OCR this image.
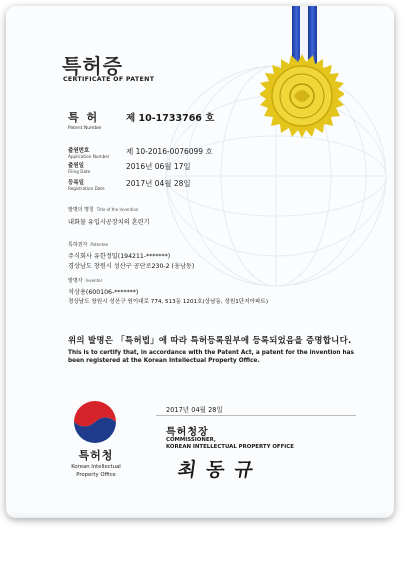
특허증
CERTIFICATE OF PATENT
특 허
Patent Number
제 10-1733766 호
출원번호
Application Number
제 10-2016-0076099 호
출원일
Filing Date
2016년 06월 17일
등록일
Registration Date
2017년 04월 28일
발명의 명칭 Title of the Invention
내화물 유입시공장치의 혼련기
특허권자 Patentee
주식회사 유한정밀(194211-*******)
경상남도 창원시 성산구 공단로230-2 (웅남동)
발명자 Inventor
석상용(600106-*******)
경상남도 창원시 성산구 원이대로 774, 513동 1201호(상남동, 성원1단지아파트)
위의 발명은 「특허법」에 따라 특허등록원부에 등록되었음을 증명합니다.
This is to certify that, in accordance with the Patent Act, a patent for the invention has been registered at the Korean Intellectual Property Office.
특허청
Korean Intellectual
Property Office
2017년 04월 28일
특허청장
COMMISSIONER,
KOREAN INTELLECTUAL PROPERTY OFFICE
최동규
